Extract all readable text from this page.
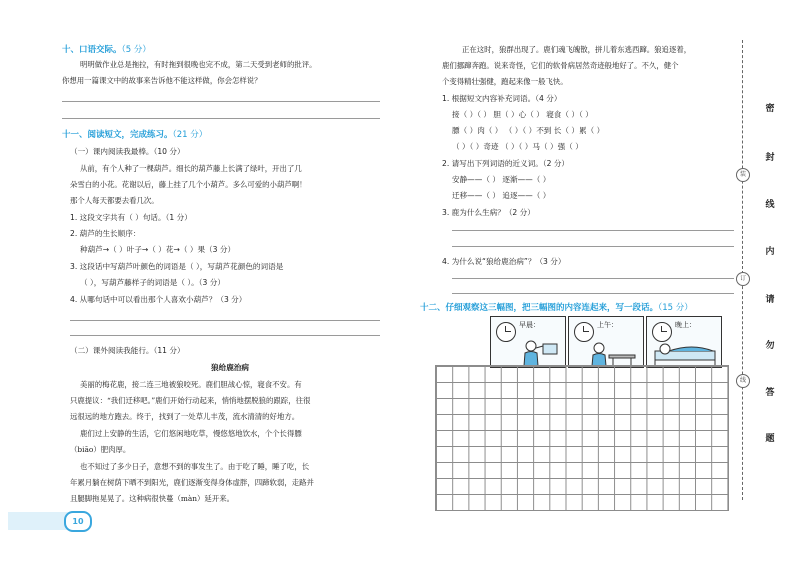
十、口语交际。（5 分）
明明做作业总是拖拉，有时拖到很晚也完不成，第二天受到老师的批评。
你想用一篇课文中的故事来告诉他不能这样做，你会怎样说？
十一、阅读短文，完成练习。（21 分）
（一）课内阅读我最棒。（10 分）
从前，有个人种了一棵葫芦。细长的葫芦藤上长满了绿叶，开出了几
朵雪白的小花。花谢以后，藤上挂了几个小葫芦。多么可爱的小葫芦啊！
那个人每天都要去看几次。
1. 这段文字共有（ ）句话。（1 分）
2. 葫芦的生长顺序：
种葫芦→（ ）叶子→（ ）花→（ ）果（3 分）
3. 这段话中写葫芦叶颜色的词语是（ ），写葫芦花颜色的词语是
（ ），写葫芦藤样子的词语是（ ）。（3 分）
4. 从哪句话中可以看出那个人喜欢小葫芦？（3 分）
（二）课外阅读我能行。（11 分）
狼给鹿治病
美丽的梅花鹿，接二连三地被狼咬死。鹿们胆战心惊，寝食不安。有
只鹿提议：“我们迁移吧。”鹿们开始行动起来，悄悄地摆脱狼的跟踪，往很
远很远的地方跑去。终于，找到了一处草儿丰茂，流水清清的好地方。
鹿们过上安静的生活，它们悠闲地吃草，慢悠悠地饮水，个个长得膘
（biāo）肥肉厚。
也不知过了多少日子，意想不到的事发生了。由于吃了睡，睡了吃，长
年累月躺在树荫下晒不到阳光，鹿们逐渐变得身体虚胖，四蹄软弱，走路并
且腿脚拖晃晃了。这种病很快蔓（màn）延开来。
10
正在这时，狼群出现了。鹿们魂飞魄散，拼儿着东逃西蹿。狼追逐着，
鹿们挪蹿奔跑。说来奇怪，它们的软骨病居然奇迹般地好了。不久，健个
个变得精壮强健，跑起来像一般飞快。
1. 根据短文内容补充词语。（4 分）
接（ ）（ ） 胆（ ）心（ ） 寝食（ ）（ ）
膘（ ）肉（ ） （ ）（ ）不到 长（ ）累（ ）
（ ）（ ）奇迹 （ ）（ ）马（ ）强（ ）
2. 请写出下列词语的近义词。（2 分）
安静——（ ） 逐渐——（ ）
迁移——（ ） 追逐——（ ）
3. 鹿为什么生病？（2 分）
4. 为什么说“狼给鹿治病”？（3 分）
十二、仔细观察这三幅图，把三幅图的内容连起来，写一段话。（15 分）
早晨：	上午：	晚上：
装
订
线
密
封
线
内
请
勿
答
题
